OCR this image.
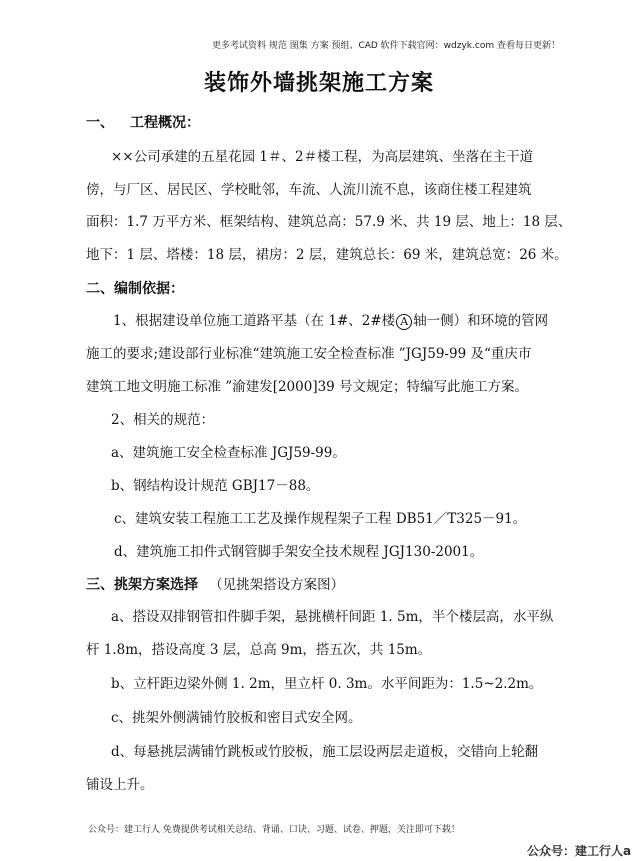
更多考试资料 规范 图集 方案 预组、CAD 软件下载官网：wdzyk.com 查看每日更新！
装饰外墙挑架施工方案
一、 工程概况：
××公司承建的五星花园 1＃、2＃楼工程，为高层建筑、坐落在主干道
傍，与厂区、居民区、学校毗邻，车流、人流川流不息，该商住楼工程建筑
面积：1.7 万平方米、框架结构、建筑总高：57.9 米、共 19 层、地上：18 层、
地下：1 层、塔楼：18 层，裙房：2 层，建筑总长：69 米，建筑总宽：26 米。
二、编制依据：
1、根据建设单位施工道路平基（在 1#、2#楼 A 轴一侧）和环境的管网
施工的要求;建设部行业标准“建筑施工安全检查标准 ”JGJ59-99 及“重庆市
建筑工地文明施工标准 ”渝建发[2000]39 号文规定；特编写此施工方案。
2、相关的规范：
a、建筑施工安全检查标准 JGJ59-99。
b、钢结构设计规范 GBJ17－88。
c、建筑安装工程施工工艺及操作规程架子工程 DB51／T325－91。
d、建筑施工扣件式钢管脚手架安全技术规程 JGJ130-2001。
三、挑架方案选择 （见挑架搭设方案图）
a、搭设双排钢管扣件脚手架，悬挑横杆间距 1. 5m，半个楼层高，水平纵
杆 1.8m，搭设高度 3 层，总高 9m，搭五次，共 15m。
b、立杆距边梁外侧 1. 2m，里立杆 0. 3m。水平间距为：1.5~2.2m。
c、挑架外侧满铺竹胶板和密目式安全网。
d、每悬挑层满铺竹跳板或竹胶板，施工层设两层走道板，交错向上轮翻
铺设上升。
公众号：建工行人 免费提供考试相关总结、背诵、口诀、习题、试卷、押题，关注即可下载！
公众号：建工行人a
